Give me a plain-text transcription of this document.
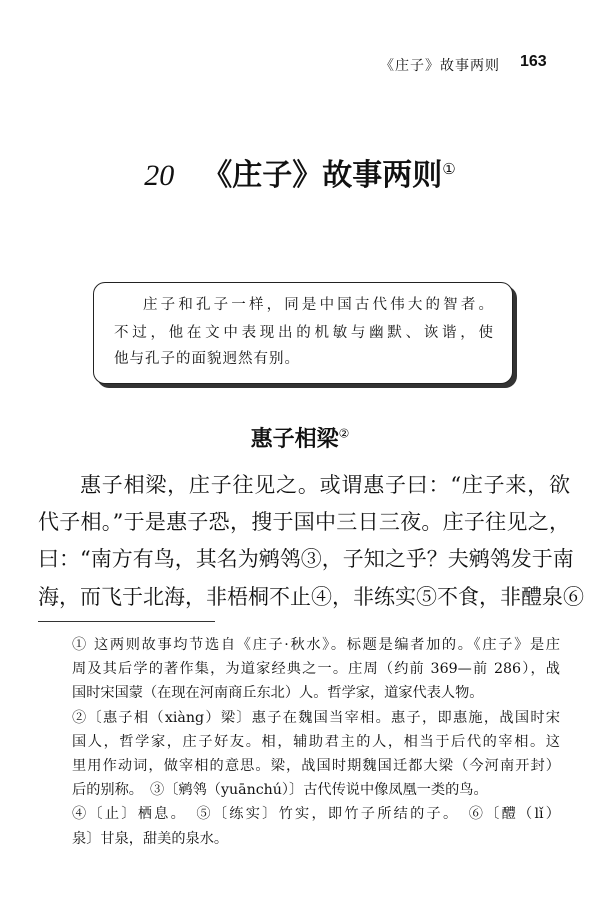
《庄子》故事两则 163
20 《庄子》故事两则①
庄子和孔子一样，同是中国古代伟大的智者。
不过，他在文中表现出的机敏与幽默、诙谐，使
他与孔子的面貌迥然有别。
惠子相梁②
惠子相梁，庄子往见之。或谓惠子曰：“庄子来，欲
代子相。”于是惠子恐，搜于国中三日三夜。庄子往见之，
曰：“南方有鸟，其名为鹓鸰③，子知之乎？夫鹓鸰发于南
海，而飞于北海，非梧桐不止④，非练实⑤不食，非醴泉⑥
① 这两则故事均节选自《庄子·秋水》。标题是编者加的。《庄子》是庄
周及其后学的著作集，为道家经典之一。庄周（约前 369—前 286），战
国时宋国蒙（在现在河南商丘东北）人。哲学家，道家代表人物。
②〔惠子相（xiàng）梁〕惠子在魏国当宰相。惠子，即惠施，战国时宋
国人，哲学家，庄子好友。相，辅助君主的人，相当于后代的宰相。这
里用作动词，做宰相的意思。梁，战国时期魏国迁都大梁（今河南开封）
后的别称。　③〔鹓鸰（yuānchú）〕古代传说中像凤凰一类的鸟。
④〔止〕栖息。　⑤〔练实〕竹实，即竹子所结的子。　⑥〔醴（lǐ）
泉〕甘泉，甜美的泉水。
